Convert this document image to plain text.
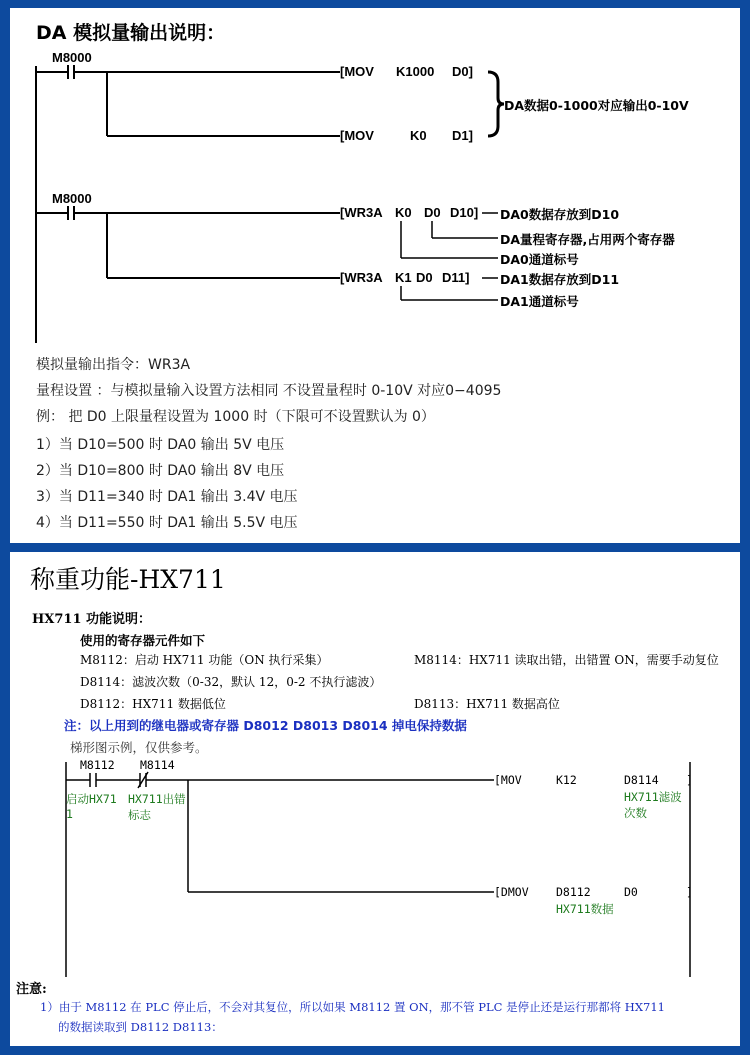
DA 模拟量输出说明：
M8000
[MOV K1000 D0]
[MOV	K0 D1]
DA数据0-1000对应输出0-10V
M8000
[WR3A K0 D0 D10]
[WR3A K1 D0 D11]
DA0数据存放到D10
DA量程寄存器,占用两个寄存器
DA0通道标号
DA1数据存放到D11
DA1通道标号
模拟量输出指令：WR3A
量程设置 ：与模拟量输入设置方法相同 不设置量程时 0-10V 对应0−4095
例： 把 D0 上限量程设置为 1000 时（下限可不设置默认为 0）
1）当 D10=500 时 DA0 输出 5V 电压
2）当 D10=800 时 DA0 输出 8V 电压
3）当 D11=340 时 DA1 输出 3.4V 电压
4）当 D11=550 时 DA1 输出 5.5V 电压
称重功能-HX711
HX711 功能说明：
使用的寄存器元件如下
M8112：启动 HX711 功能（ON 执行采集）
D8114：滤波次数（0-32，默认 12，0-2 不执行滤波）
D8112：HX711 数据低位
M8114：HX711 读取出错，出错置 ON，需要手动复位
D8113：HX711 数据高位
注：以上用到的继电器或寄存器 D8012 D8013 D8014 掉电保持数据
梯形图示例，仅供参考。
M8112 M8114
启动HX71
1
HX711出错
标志
[MOV	K12	D8114
HX711滤波
次数
]
[DMOV D8112
HX711数据
D0	]
注意:
1）由于 M8112 在 PLC 停止后，不会对其复位，所以如果 M8112 置 ON，那不管 PLC 是停止还是运行那都将 HX711
的数据读取到 D8112 D8113：
